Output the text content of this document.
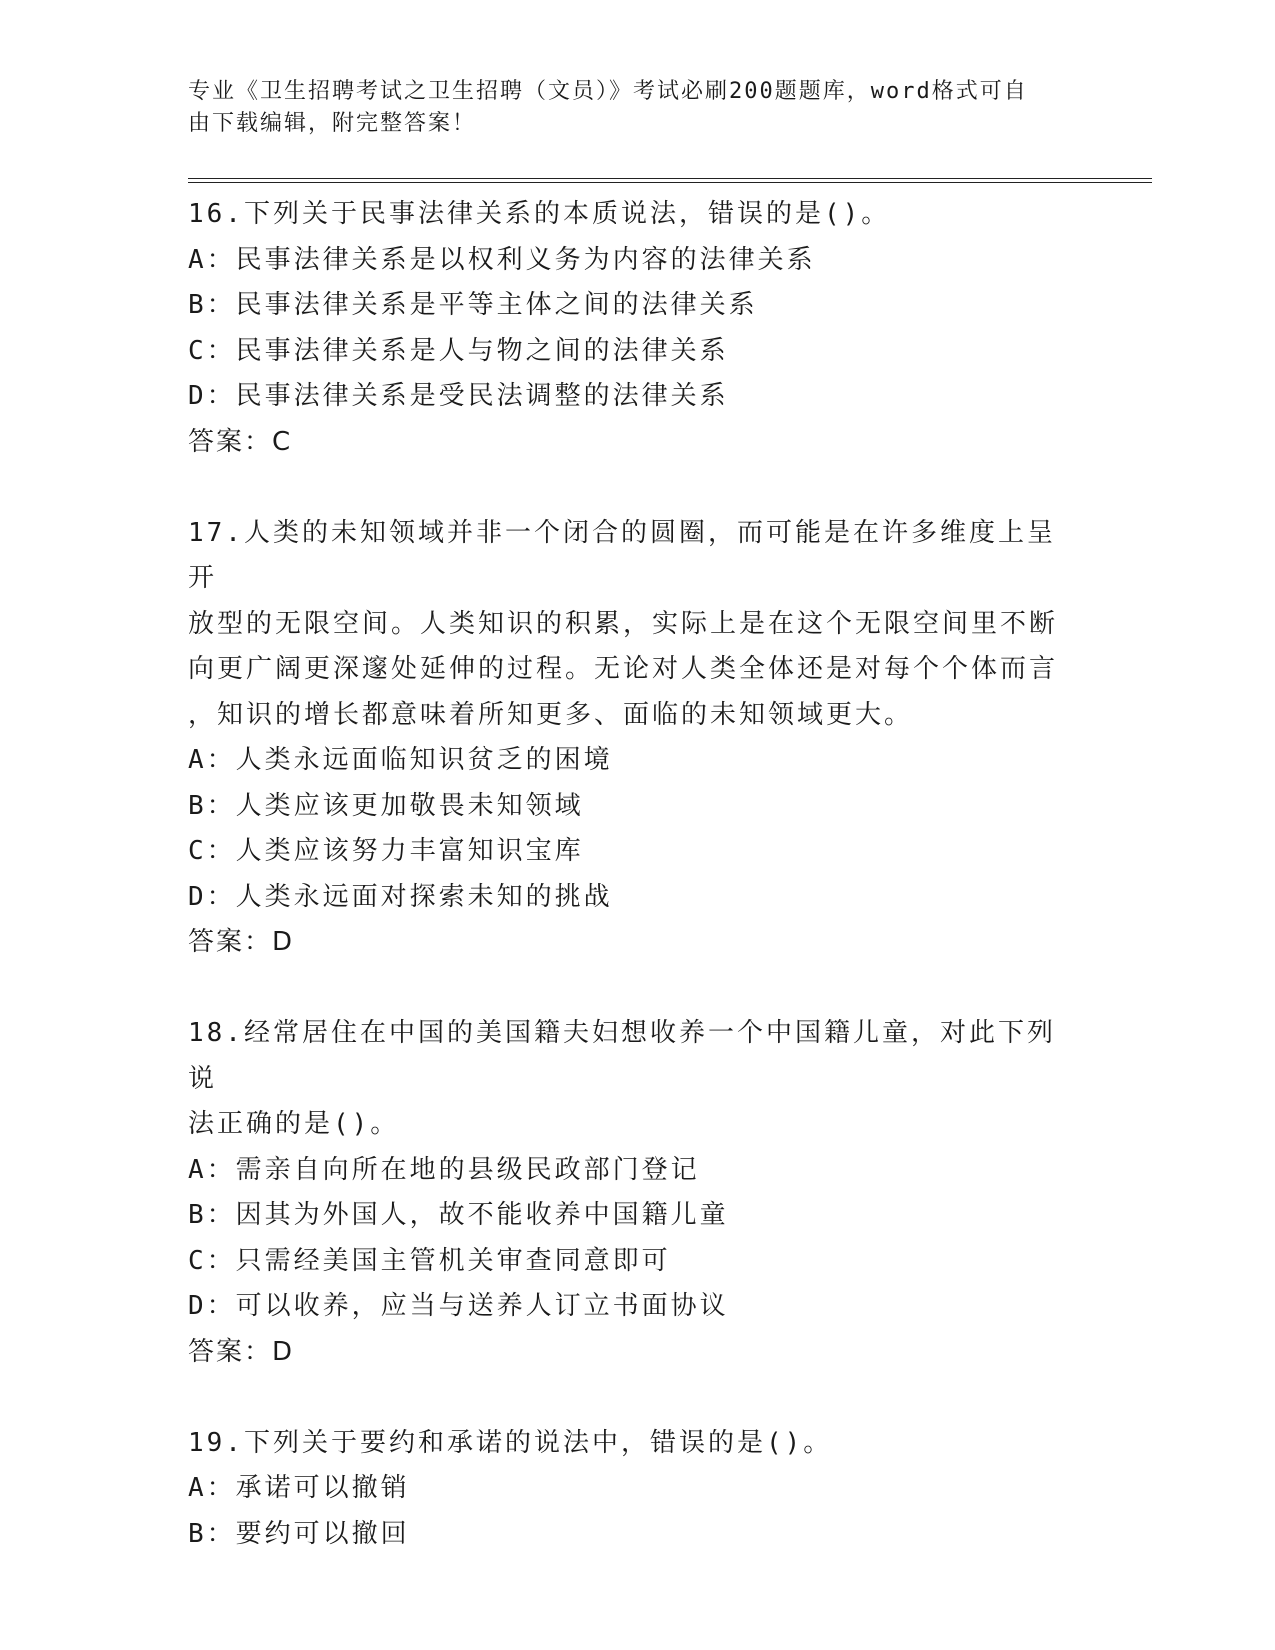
专业《卫生招聘考试之卫生招聘（文员）》考试必刷200题题库，word格式可自
由下载编辑，附完整答案！

16.下列关于民事法律关系的本质说法，错误的是()。

A：民事法律关系是以权利义务为内容的法律关系

B：民事法律关系是平等主体之间的法律关系

C：民事法律关系是人与物之间的法律关系

D：民事法律关系是受民法调整的法律关系

答案：C

17.人类的未知领域并非一个闭合的圆圈，而可能是在许多维度上呈开

放型的无限空间。人类知识的积累，实际上是在这个无限空间里不断

向更广阔更深邃处延伸的过程。无论对人类全体还是对每个个体而言

，知识的增长都意味着所知更多、面临的未知领域更大。

A：人类永远面临知识贫乏的困境

B：人类应该更加敬畏未知领域

C：人类应该努力丰富知识宝库

D：人类永远面对探索未知的挑战

答案：D

18.经常居住在中国的美国籍夫妇想收养一个中国籍儿童，对此下列说

法正确的是()。

A：需亲自向所在地的县级民政部门登记

B：因其为外国人，故不能收养中国籍儿童

C：只需经美国主管机关审查同意即可

D：可以收养，应当与送养人订立书面协议

答案：D

19.下列关于要约和承诺的说法中，错误的是()。

A：承诺可以撤销

B：要约可以撤回
